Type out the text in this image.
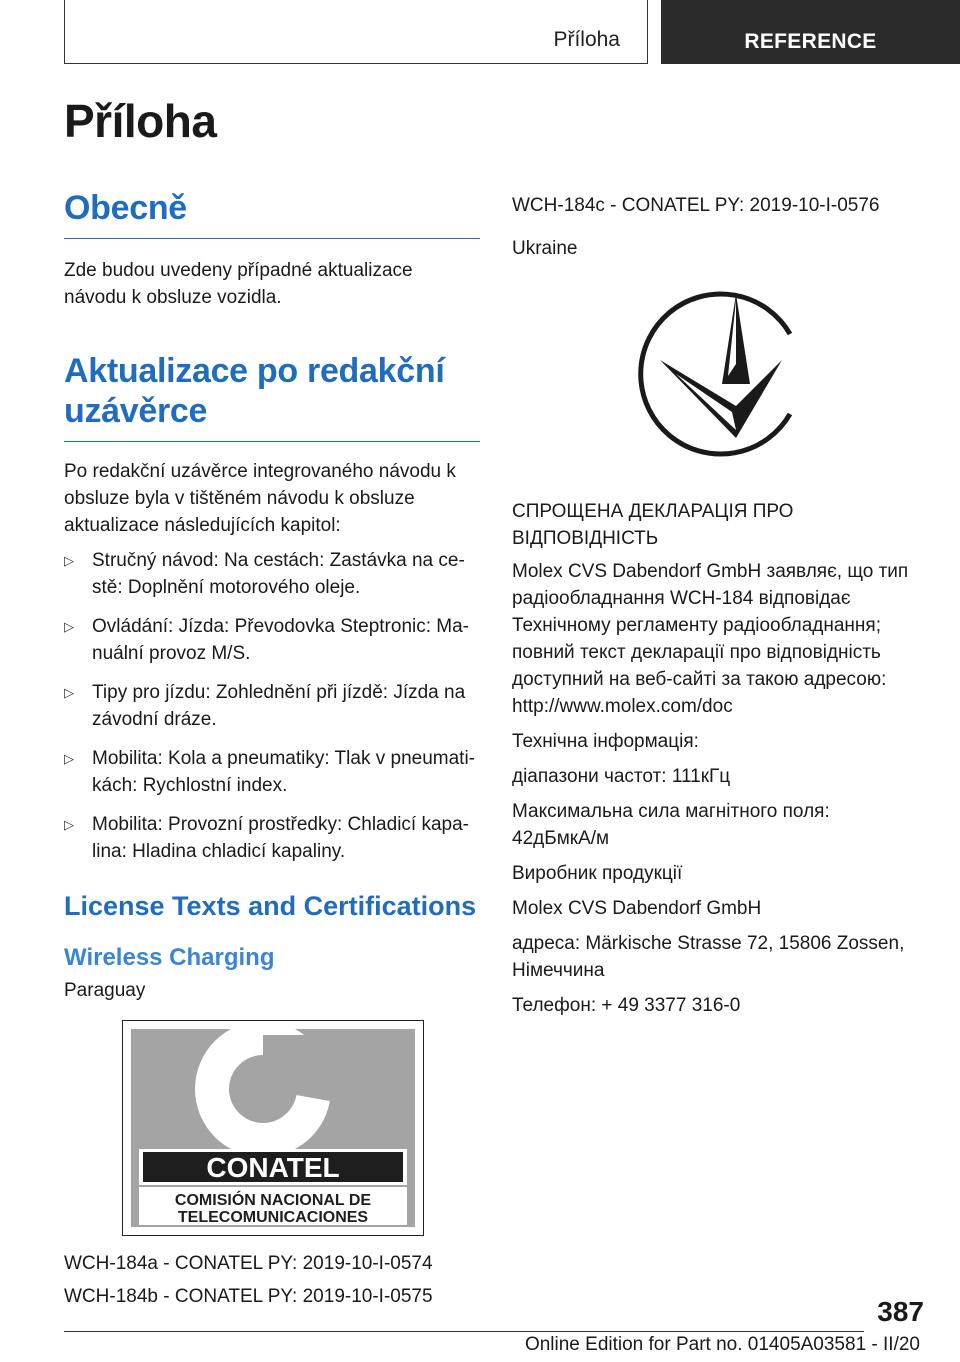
Příloha	REFERENCE
Příloha
Obecně

Zde budou uvedeny případné aktualizace návodu k obsluze vozidla.

Aktualizace po redakční uzávěrce

Po redakční uzávěrce integrovaného návodu k obsluze byla v tištěném návodu k obsluze aktualizace následujících kapitol:

▷ Stručný návod: Na cestách: Zastávka na ce- stě: Doplnění motorového oleje.
▷ Ovládání: Jízda: Převodovka Steptronic: Ma- nuální provoz M/S.
▷ Tipy pro jízdu: Zohlednění při jízdě: Jízda na závodní dráze.
▷ Mobilita: Kola a pneumatiky: Tlak v pneumati- kách: Rychlostní index.
▷ Mobilita: Provozní prostředky: Chladicí kapa- lina: Hladina chladicí kapaliny.
License Texts and Certifications
Wireless Charging

Paraguay

CONATEL
COMISIÓN NACIONAL DE
TELECOMUNICACIONES

WCH-184a - CONATEL PY: 2019-10-I-0574

WCH-184b - CONATEL PY: 2019-10-I-0575

WCH-184c - CONATEL PY: 2019-10-I-0576

Ukraine

СПРОЩЕНА ДЕКЛАРАЦІЯ ПРО ВІДПОВІДНІСТЬ

Molex CVS Dabendorf GmbH заявляє, що тип радіообладнання WCH-184 відповідає Технічному регламенту радіообладнання; повний текст декларації про відповідність доступний на веб-сайті за такою адресою: http://www.molex.com/doc

Технічна інформація:

діапазони частот: 111кГц

Максимальна сила магнітного поля: 42дБмкА/м

Виробник продукції

Molex CVS Dabendorf GmbH

адреса: Märkische Strasse 72, 15806 Zossen, Німеччина

Телефон: + 49 3377 316-0

387
Online Edition for Part no. 01405A03581 - II/20
